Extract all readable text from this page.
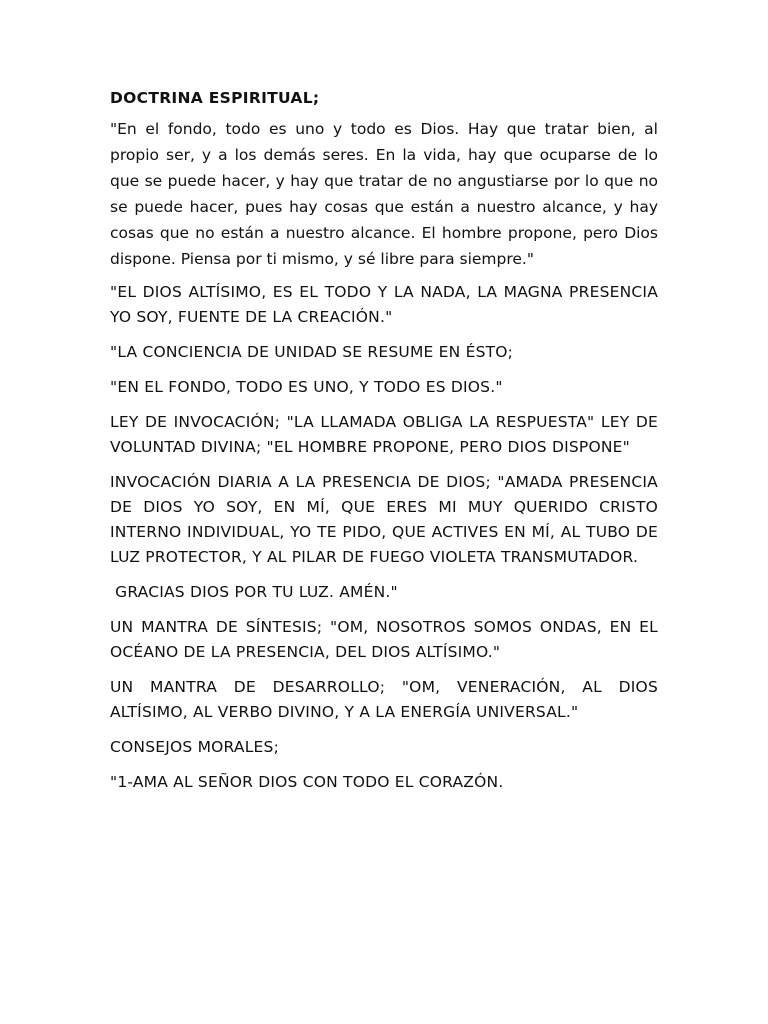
DOCTRINA ESPIRITUAL;
"En el fondo, todo es uno y todo es Dios. Hay que tratar bien, al propio ser, y a los demás seres. En la vida, hay que ocuparse de lo que se puede hacer, y hay que tratar de no angustiarse por lo que no se puede hacer, pues hay cosas que están a nuestro alcance, y hay cosas que no están a nuestro alcance. El hombre propone, pero Dios dispone. Piensa por ti mismo, y sé libre para siempre."
"EL DIOS ALTÍSIMO, ES EL TODO Y LA NADA, LA MAGNA PRESENCIA YO SOY, FUENTE DE LA CREACIÓN."
"LA CONCIENCIA DE UNIDAD SE RESUME EN ÉSTO;
"EN EL FONDO, TODO ES UNO, Y TODO ES DIOS."
LEY DE INVOCACIÓN; "LA LLAMADA OBLIGA LA RESPUESTA" LEY DE VOLUNTAD DIVINA; "EL HOMBRE PROPONE, PERO DIOS DISPONE"
INVOCACIÓN DIARIA A LA PRESENCIA DE DIOS; "AMADA PRESENCIA DE DIOS YO SOY, EN MÍ, QUE ERES MI MUY QUERIDO CRISTO INTERNO INDIVIDUAL, YO TE PIDO, QUE ACTIVES EN MÍ, AL TUBO DE LUZ PROTECTOR, Y AL PILAR DE FUEGO VIOLETA TRANSMUTADOR.
GRACIAS DIOS POR TU LUZ. AMÉN."
UN MANTRA DE SÍNTESIS; "OM, NOSOTROS SOMOS ONDAS, EN EL OCÉANO DE LA PRESENCIA, DEL DIOS ALTÍSIMO."
UN MANTRA DE DESARROLLO; "OM, VENERACIÓN, AL DIOS ALTÍSIMO, AL VERBO DIVINO, Y A LA ENERGÍA UNIVERSAL."
CONSEJOS MORALES;
"1-AMA AL SEÑOR DIOS CON TODO EL CORAZÓN.
